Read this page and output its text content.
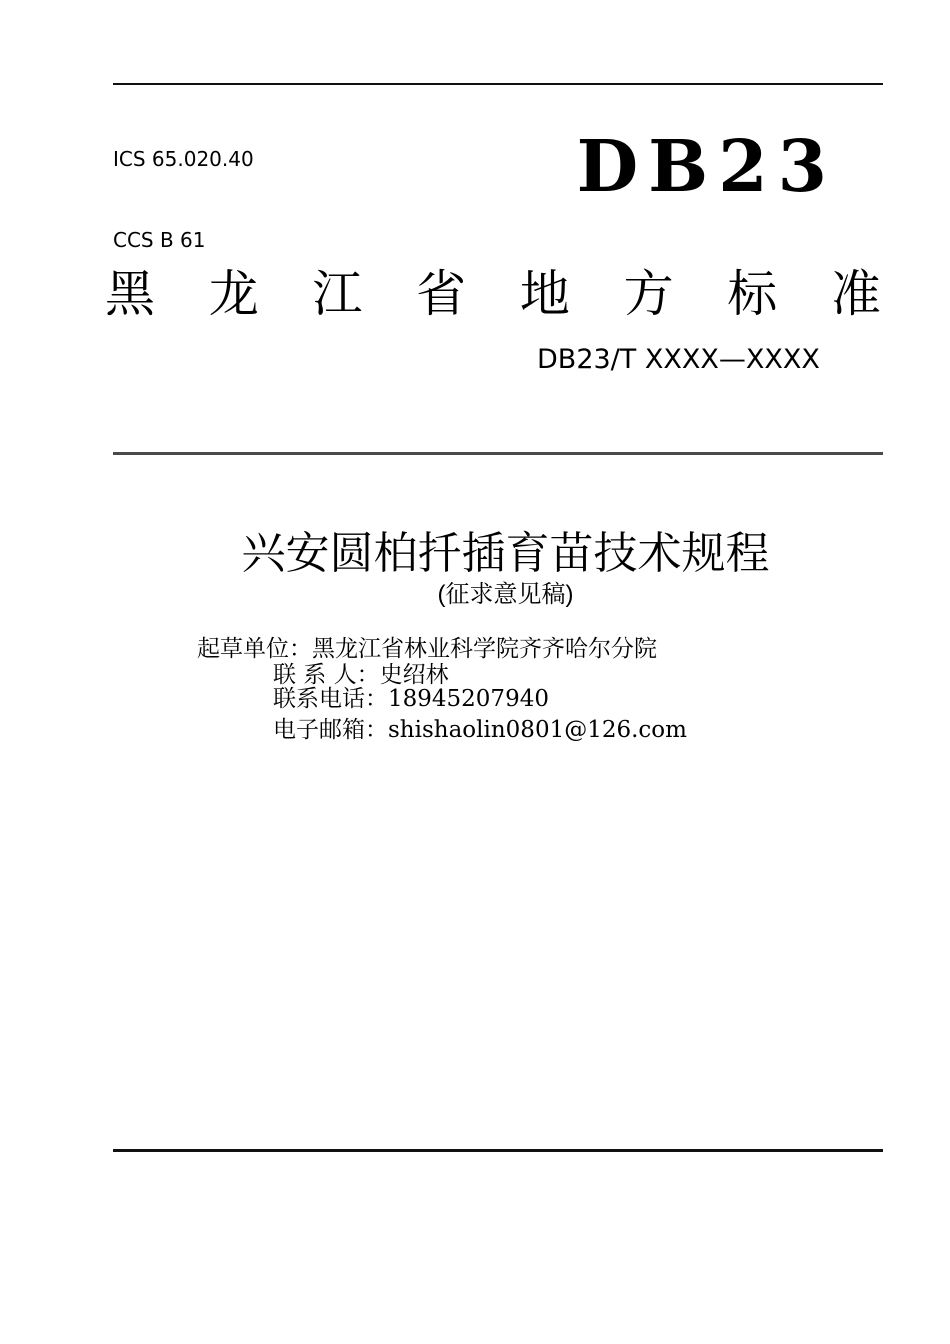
ICS 65.020.40

CCS B 61

DB23
黑 龙 江 省 地 方 标 准
DB23/T XXXX—XXXX
兴安圆柏扦插育苗技术规程
(征求意见稿)
起草单位：黑龙江省林业科学院齐齐哈尔分院
联 系 人：史绍林
联系电话：18945207940
电子邮箱：shishaolin0801@126.com
